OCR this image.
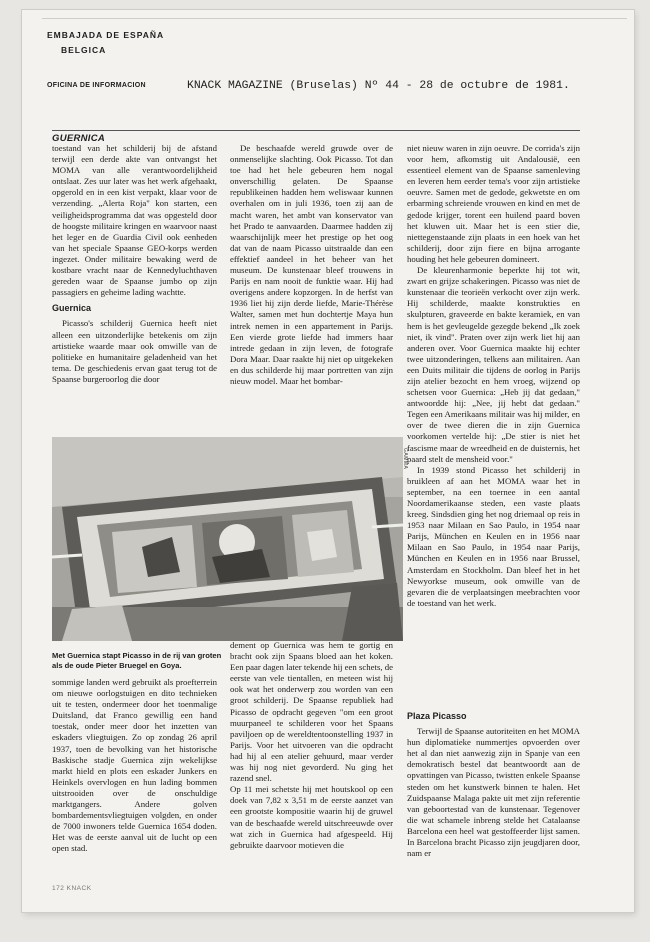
EMBAJADA DE ESPAÑA
BELGICA
OFICINA DE INFORMACION	KNACK MAGAZINE (Bruselas) Nº 44 - 28 de octubre de 1981.
GUERNICA

toestand van het schilderij bij de afstand terwijl een derde akte van ontvangst het MOMA van alle verantwoordelijkheid ontslaat. Zes uur later was het werk afgehaakt, opgerold en in een kist verpakt, klaar voor de verzending. „Alerta Roja" kon starten, een veiligheidsprogramma dat was opgesteld door de hoogste militaire kringen en waarvoor naast het leger en de Guardia Civil ook eenheden van het speciale Spaanse GEO-korps werden ingezet. Onder militaire bewaking werd de kostbare vracht naar de Kennedyluchthaven gereden waar de Spaanse jumbo op zijn passagiers en geheime lading wachtte.

Guernica

Picasso's schilderij Guernica heeft niet alleen een uitzonderlijke betekenis om zijn artistieke waarde maar ook omwille van de politieke en humanitaire geladenheid van het tema. De geschiedenis ervan gaat terug tot de Spaanse burgeroorlog die door

De beschaafde wereld gruwde over de onmenselijke slachting. Ook Picasso. Tot dan toe had het hele gebeuren hem nogal onverschillig gelaten. De Spaanse republikeinen hadden hem weliswaar kunnen overhalen om in juli 1936, toen zij aan de macht waren, het ambt van konservator van het Prado te aanvaarden. Daarmee hadden zij waarschijnlijk meer het prestige op het oog dat van de naam Picasso uitstraalde dan een effektief aandeel in het beheer van het museum. De kunstenaar bleef trouwens in Parijs en nam nooit de funktie waar. Hij had overigens andere kopzorgen. In de herfst van 1936 liet hij zijn derde liefde, Marie-Thérèse Walter, samen met hun dochtertje Maya hun intrek nemen in een appartement in Parijs. Een vierde grote liefde had immers haar intrede gedaan in zijn leven, de fotografe Dora Maar. Daar raakte hij niet op uitgekeken en dus schilderde hij maar portretten van zijn nieuw model. Maar het bombar-

niet nieuw waren in zijn oeuvre. De corrida's zijn voor hem, afkomstig uit Andalousië, een essentieel element van de Spaanse samenleving en leveren hem eerder tema's voor zijn artistieke oeuvre. Samen met de gedode, gekwetste en om erbarming schreiende vrouwen en kind en met de gedode krijger, torent een huilend paard boven het kluwen uit. Maar het is een stier die, niettegenstaande zijn plaats in een hoek van het schilderij, door zijn fiere en bijna arrogante houding het hele gebeuren domineert.

De kleurenharmonie beperkte hij tot wit, zwart en grijze schakeringen. Picasso was niet de kunstenaar die teorieën verkocht over zijn werk. Hij schilderde, maakte konstrukties en skulpturen, graveerde en bakte keramiek, en van hem is het gevleugelde gezegde bekend „Ik zoek niet, ik vind". Praten over zijn werk liet hij aan anderen over. Voor Guernica maakte hij echter twee uitzonderingen, telkens aan militairen. Aan een Duits militair die tijdens de oorlog in Parijs zijn atelier bezocht en hem vroeg, wijzend op schetsen voor Guernica: „Heb jij dat gedaan," antwoordde hij: „Nee, jij hebt dat gedaan." Tegen een Amerikaans militair was hij milder, en over de twee dieren die in zijn Guernica voorkomen vertelde hij: „De stier is niet het fascisme maar de wreedheid en de duisternis, het paard stelt de mensheid voor."

In 1939 stond Picasso het schilderij in bruikleen af aan het MOMA waar het in september, na een toernee in een aantal Noordamerikaanse steden, een vaste plaats kreeg. Sindsdien ging het nog driemaal op reis in 1953 naar Milaan en Sao Paulo, in 1954 naar Parijs, München en Keulen en in 1956 naar Milaan en Sao Paulo, in 1954 naar Parijs, München en Keulen en in 1956 naar Brussel, Amsterdam en Stockholm. Dan bleef het in het Newyorkse museum, ook omwille van de gevaren die de verplaatsingen meebrachten voor de toestand van het werk.

GAMMA
Met Guernica stapt Picasso in de rij van groten als de oude Pieter Bruegel en Goya.

sommige landen werd gebruikt als proefterrein om nieuwe oorlogstuigen en dito technieken uit te testen, ondermeer door het toenmalige Duitsland, dat Franco gewillig een hand toestak, onder meer door het inzetten van eskaders vliegtuigen. Zo op zondag 26 april 1937, toen de bevolking van het historische Baskische stadje Guernica zijn wekelijkse markt hield en plots een eskader Junkers en Heinkels overvlogen en hun lading bommen uitstrooiden over de onschuldige marktgangers. Andere golven bombardementsvliegtuigen volgden, en onder de 7000 inwoners telde Guernica 1654 doden. Het was de eerste aanval uit de lucht op een open stad.

dement op Guernica was hem te gortig en bracht ook zijn Spaans bloed aan het koken. Een paar dagen later tekende hij een schets, de eerste van vele tientallen, en meteen wist hij ook wat het onderwerp zou worden van een groot schilderij. De Spaanse republiek had Picasso de opdracht gegeven "om een groot muurpaneel te schilderen voor het Spaans paviljoen op de wereldtentoonstelling 1937 in Parijs. Voor het uitvoeren van die opdracht had hij al een atelier gehuurd, maar verder was hij nog niet gevorderd. Nu ging het razend snel.

Op 11 mei schetste hij met houtskool op een doek van 7,82 x 3,51 m de eerste aanzet van een grootste kompositie waarin hij de gruwel van de beschaafde wereld uitschreeuwde over wat zich in Guernica had afgespeeld. Hij gebruikte daarvoor motieven die

Plaza Picasso

Terwijl de Spaanse autoriteiten en het MOMA hun diplomatieke nummertjes opvoerden over het al dan niet aanwezig zijn in Spanje van een demokratisch bestel dat beantwoordt aan de opvattingen van Picasso, twistten enkele Spaanse steden om het kunstwerk binnen te halen. Het Zuidspaanse Malaga pakte uit met zijn referentie van geboortestad van de kunstenaar. Tegenover die wat schamele inbreng stelde het Catalaanse Barcelona een heel wat gestoffeerder lijst samen. In Barcelona bracht Picasso zijn jeugdjaren door, nam er

172 KNACK
